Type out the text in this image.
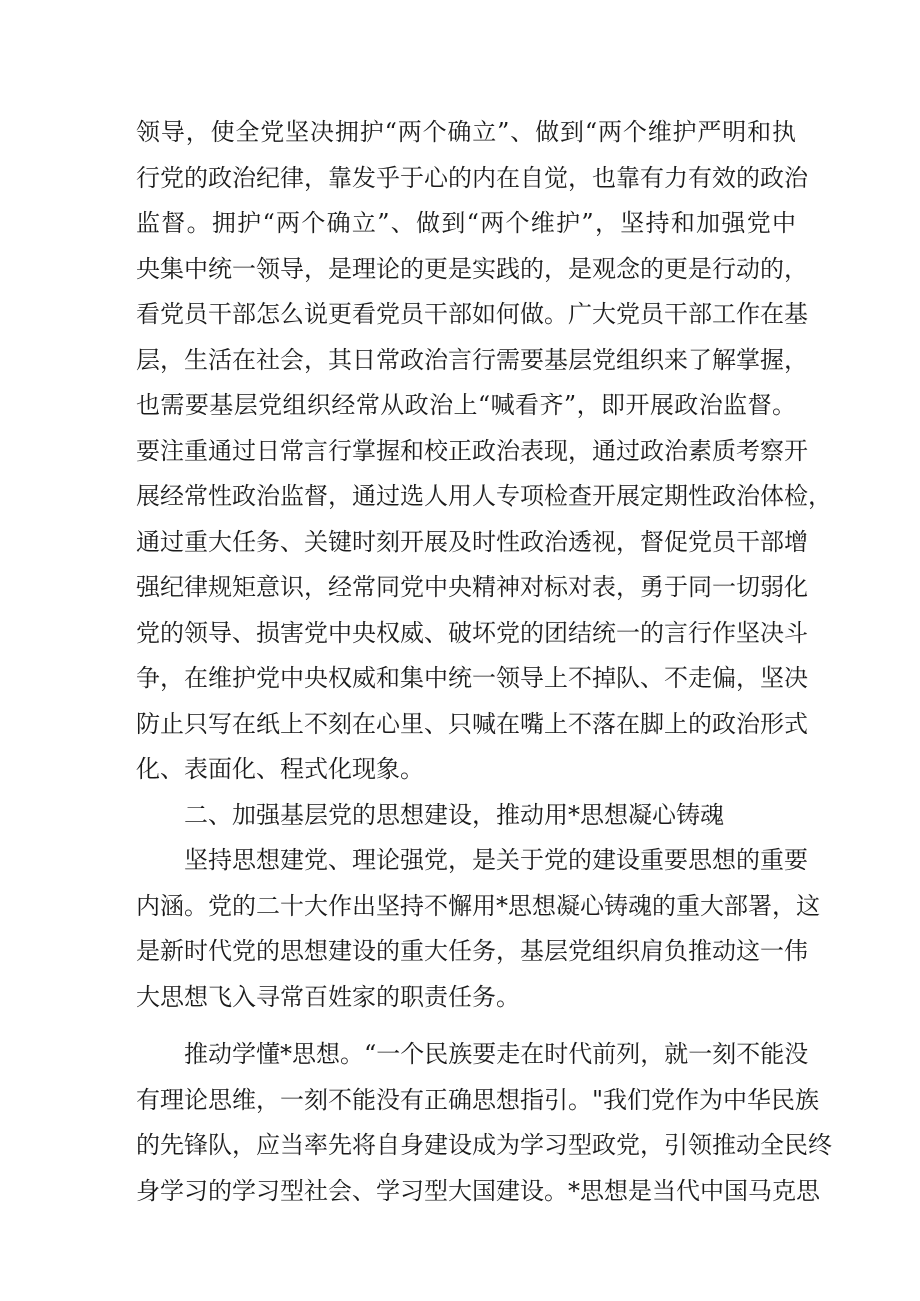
领导，使全党坚决拥护“两个确立”、做到“两个维护严明和执
行党的政治纪律，靠发乎于心的内在自觉，也靠有力有效的政治
监督。拥护“两个确立”、做到“两个维护”，坚持和加强党中
央集中统一领导，是理论的更是实践的，是观念的更是行动的，
看党员干部怎么说更看党员干部如何做。广大党员干部工作在基
层，生活在社会，其日常政治言行需要基层党组织来了解掌握，
也需要基层党组织经常从政治上“喊看齐”，即开展政治监督。
要注重通过日常言行掌握和校正政治表现，通过政治素质考察开
展经常性政治监督，通过选人用人专项检查开展定期性政治体检，
通过重大任务、关键时刻开展及时性政治透视，督促党员干部增
强纪律规矩意识，经常同党中央精神对标对表，勇于同一切弱化
党的领导、损害党中央权威、破坏党的团结统一的言行作坚决斗
争，在维护党中央权威和集中统一领导上不掉队、不走偏，坚决
防止只写在纸上不刻在心里、只喊在嘴上不落在脚上的政治形式
化、表面化、程式化现象。
二、加强基层党的思想建设，推动用*思想凝心铸魂
坚持思想建党、理论强党，是关于党的建设重要思想的重要
内涵。党的二十大作出坚持不懈用*思想凝心铸魂的重大部署，这
是新时代党的思想建设的重大任务，基层党组织肩负推动这一伟
大思想飞入寻常百姓家的职责任务。
推动学懂*思想。“一个民族要走在时代前列，就一刻不能没
有理论思维，一刻不能没有正确思想指引。"我们党作为中华民族
的先锋队，应当率先将自身建设成为学习型政党，引领推动全民终
身学习的学习型社会、学习型大国建设。*思想是当代中国马克思
